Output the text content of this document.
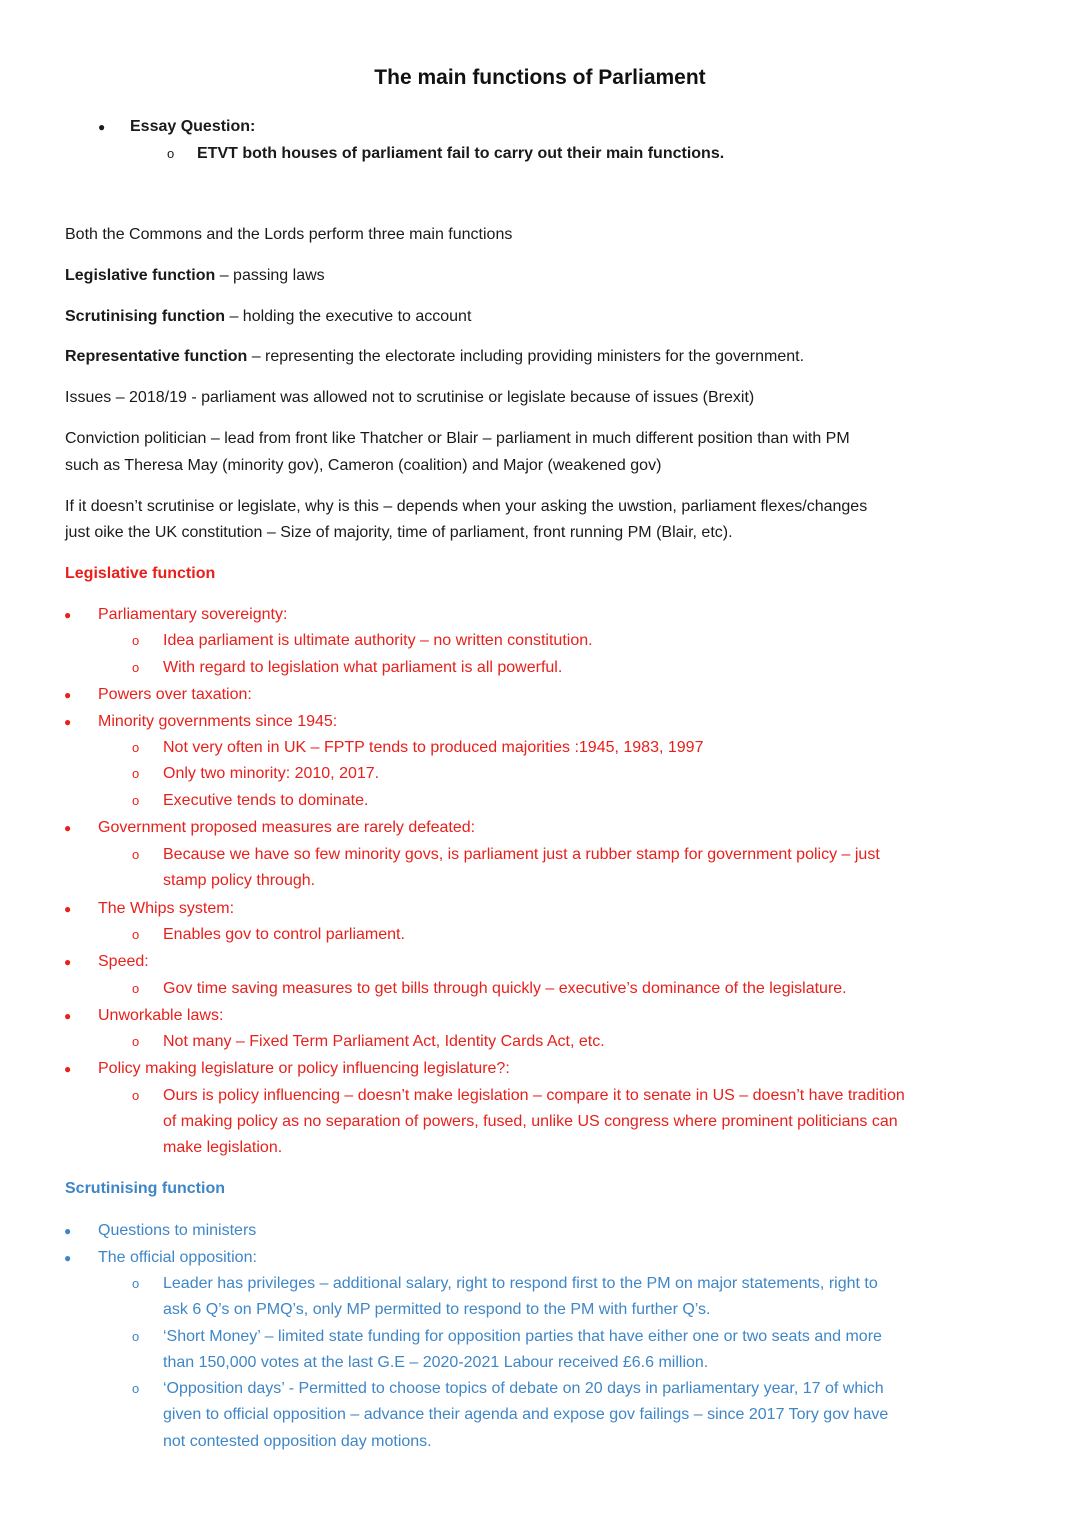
The main functions of Parliament
● Essay Question:
o ETVT both houses of parliament fail to carry out their main functions.
Both the Commons and the Lords perform three main functions
Legislative function – passing laws
Scrutinising function – holding the executive to account
Representative function – representing the electorate including providing ministers for the government.
Issues – 2018/19 - parliament was allowed not to scrutinise or legislate because of issues (Brexit)
Conviction politician – lead from front like Thatcher or Blair – parliament in much different position than with PM
such as Theresa May (minority gov), Cameron (coalition) and Major (weakened gov)
If it doesn’t scrutinise or legislate, why is this – depends when your asking the uwstion, parliament flexes/changes
just oike the UK constitution – Size of majority, time of parliament, front running PM (Blair, etc).
Legislative function
● Parliamentary sovereignty:
o Idea parliament is ultimate authority – no written constitution.
o With regard to legislation what parliament is all powerful.
● Powers over taxation:
● Minority governments since 1945:
o Not very often in UK – FPTP tends to produced majorities :1945, 1983, 1997
o Only two minority: 2010, 2017.
o Executive tends to dominate.
● Government proposed measures are rarely defeated:
o Because we have so few minority govs, is parliament just a rubber stamp for government policy – just
stamp policy through.
● The Whips system:
o Enables gov to control parliament.
● Speed:
o Gov time saving measures to get bills through quickly – executive’s dominance of the legislature.
● Unworkable laws:
o Not many – Fixed Term Parliament Act, Identity Cards Act, etc.
● Policy making legislature or policy influencing legislature?:
o Ours is policy influencing – doesn’t make legislation – compare it to senate in US – doesn’t have tradition
of making policy as no separation of powers, fused, unlike US congress where prominent politicians can
make legislation.
Scrutinising function
● Questions to ministers
● The official opposition:
o Leader has privileges – additional salary, right to respond first to the PM on major statements, right to
ask 6 Q’s on PMQ’s, only MP permitted to respond to the PM with further Q’s.
o ‘Short Money’ – limited state funding for opposition parties that have either one or two seats and more
than 150,000 votes at the last G.E – 2020-2021 Labour received £6.6 million.
o ‘Opposition days’ - Permitted to choose topics of debate on 20 days in parliamentary year, 17 of which
given to official opposition – advance their agenda and expose gov failings – since 2017 Tory gov have
not contested opposition day motions.
